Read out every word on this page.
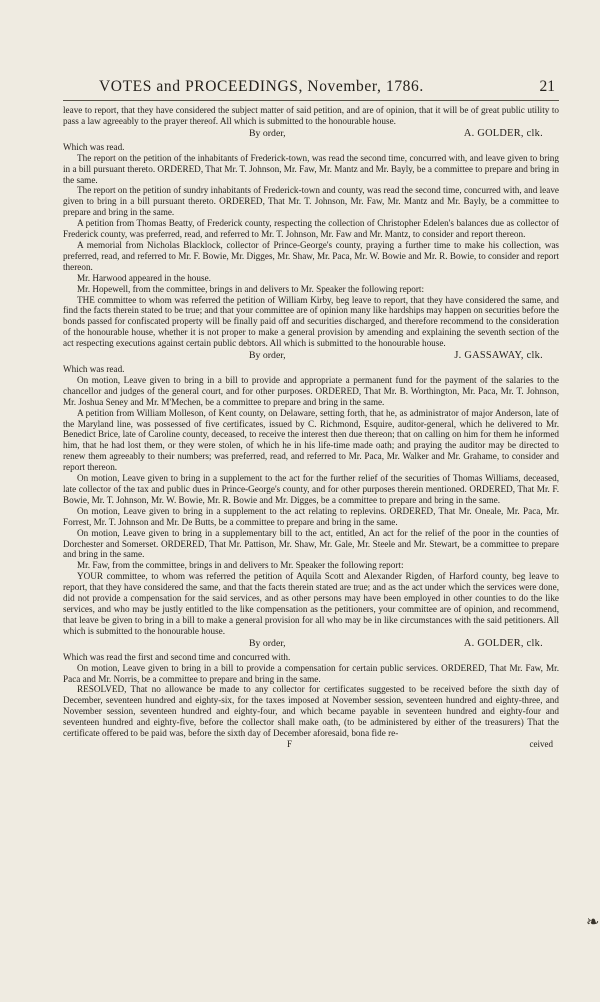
VOTES and PROCEEDINGS, November, 1786.	21

leave to report, that they have considered the subject matter of said petition, and are of opinion, that it will be of great public utility to pass a law agreeably to the prayer thereof. All which is submitted to the honourable house.

By order,	A. GOLDER, clk.

Which was read.

The report on the petition of the inhabitants of Frederick-town, was read the second time, concurred with, and leave given to bring in a bill pursuant thereto. ORDERED, That Mr. T. Johnson, Mr. Faw, Mr. Mantz and Mr. Bayly, be a committee to prepare and bring in the same.

The report on the petition of sundry inhabitants of Frederick-town and county, was read the second time, concurred with, and leave given to bring in a bill pursuant thereto. ORDERED, That Mr. T. Johnson, Mr. Faw, Mr. Mantz and Mr. Bayly, be a committee to prepare and bring in the same.

A petition from Thomas Beatty, of Frederick county, respecting the collection of Christopher Edelen's balances due as collector of Frederick county, was preferred, read, and referred to Mr. T. Johnson, Mr. Faw and Mr. Mantz, to consider and report thereon.

A memorial from Nicholas Blacklock, collector of Prince-George's county, praying a further time to make his collection, was preferred, read, and referred to Mr. F. Bowie, Mr. Digges, Mr. Shaw, Mr. Paca, Mr. W. Bowie and Mr. R. Bowie, to consider and report thereon.

Mr. Harwood appeared in the house.

Mr. Hopewell, from the committee, brings in and delivers to Mr. Speaker the following report:

THE committee to whom was referred the petition of William Kirby, beg leave to report, that they have considered the same, and find the facts therein stated to be true; and that your committee are of opinion many like hardships may happen on securities before the bonds passed for confiscated property will be finally paid off and securities discharged, and therefore recommend to the consideration of the honourable house, whether it is not proper to make a general provision by amending and explaining the seventh section of the act respecting executions against certain public debtors. All which is submitted to the honourable house.

By order,	J. GASSAWAY, clk.

Which was read.

On motion, Leave given to bring in a bill to provide and appropriate a permanent fund for the payment of the salaries to the chancellor and judges of the general court, and for other purposes. ORDERED, That Mr. B. Worthington, Mr. Paca, Mr. T. Johnson, Mr. Joshua Seney and Mr. M'Mechen, be a committee to prepare and bring in the same.

A petition from William Molleson, of Kent county, on Delaware, setting forth, that he, as administrator of major Anderson, late of the Maryland line, was possessed of five certificates, issued by C. Richmond, Esquire, auditor-general, which he delivered to Mr. Benedict Brice, late of Caroline county, deceased, to receive the interest then due thereon; that on calling on him for them he informed him, that he had lost them, or they were stolen, of which he in his life-time made oath; and praying the auditor may be directed to renew them agreeably to their numbers; was preferred, read, and referred to Mr. Paca, Mr. Walker and Mr. Grahame, to consider and report thereon.

On motion, Leave given to bring in a supplement to the act for the further relief of the securities of Thomas Williams, deceased, late collector of the tax and public dues in Prince-George's county, and for other purposes therein mentioned. ORDERED, That Mr. F. Bowie, Mr. T. Johnson, Mr. W. Bowie, Mr. R. Bowie and Mr. Digges, be a committee to prepare and bring in the same.

On motion, Leave given to bring in a supplement to the act relating to replevins. ORDERED, That Mr. Oneale, Mr. Paca, Mr. Forrest, Mr. T. Johnson and Mr. De Butts, be a committee to prepare and bring in the same.

On motion, Leave given to bring in a supplementary bill to the act, entitled, An act for the relief of the poor in the counties of Dorchester and Somerset. ORDERED, That Mr. Pattison, Mr. Shaw, Mr. Gale, Mr. Steele and Mr. Stewart, be a committee to prepare and bring in the same.

Mr. Faw, from the committee, brings in and delivers to Mr. Speaker the following report:

YOUR committee, to whom was referred the petition of Aquila Scott and Alexander Rigden, of Harford county, beg leave to report, that they have considered the same, and that the facts therein stated are true; and as the act under which the services were done, did not provide a compensation for the said services, and as other persons may have been employed in other counties to do the like services, and who may be justly entitled to the like compensation as the petitioners, your committee are of opinion, and recommend, that leave be given to bring in a bill to make a general provision for all who may be in like circumstances with the said petitioners. All which is submitted to the honourable house.

By order,	A. GOLDER, clk.

Which was read the first and second time and concurred with.

On motion, Leave given to bring in a bill to provide a compensation for certain public services. ORDERED, That Mr. Faw, Mr. Paca and Mr. Norris, be a committee to prepare and bring in the same.

RESOLVED, That no allowance be made to any collector for certificates suggested to be received before the sixth day of December, seventeen hundred and eighty-six, for the taxes imposed at November session, seventeen hundred and eighty-three, and November session, seventeen hundred and eighty-four, and which became payable in seventeen hundred and eighty-four and seventeen hundred and eighty-five, before the collector shall make oath, (to be administered by either of the treasurers) That the certificate offered to be paid was, before the sixth day of December aforesaid, bona fide re-

F	ceived
❧
